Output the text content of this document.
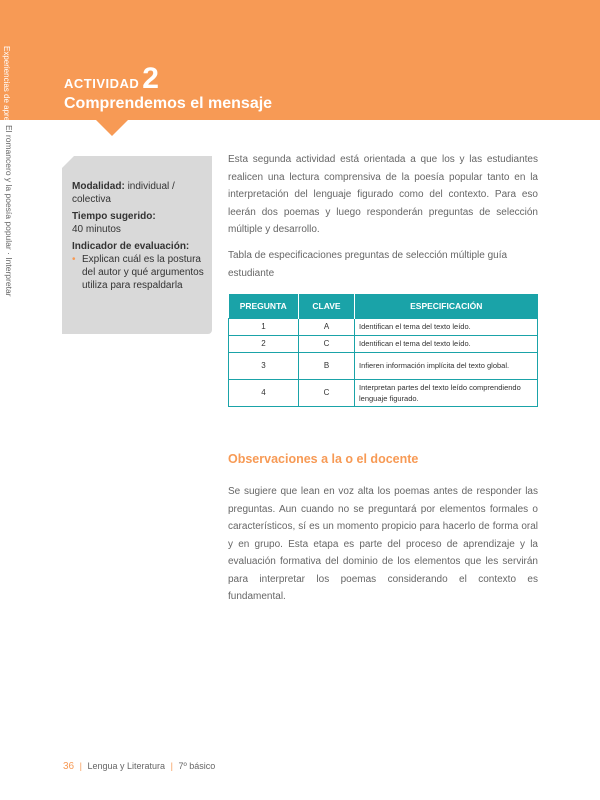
Experiencias de aprendizaje	ACTIVIDAD 2
Comprendemos el mensaje
El romancero y la poesía popular · Interpretar	Modalidad: individual / colectiva
Tiempo sugerido:
40 minutos
Indicador de evaluación:
• Explican cuál es la postura del autor y qué argumentos utiliza para respaldarla

Esta segunda actividad está orientada a que los y las estudiantes realicen una lectura comprensiva de la poesía popular tanto en la interpretación del lenguaje figurado como del contexto. Para eso leerán dos poemas y luego responderán preguntas de selección múltiple y desarrollo.

Tabla de especificaciones preguntas de selección múltiple guía estudiante

PREGUNTA	CLAVE	ESPECIFICACIÓN
1	A	Identifican el tema del texto leído.
2	C	Identifican el tema del texto leído.
3	B	Infieren información implícita del texto global.
4	C	Interpretan partes del texto leído comprendiendo lenguaje figurado.
Observaciones a la o el docente

Se sugiere que lean en voz alta los poemas antes de responder las preguntas. Aun cuando no se preguntará por elementos formales o característicos, sí es un momento propicio para hacerlo de forma oral y en grupo. Esta etapa es parte del proceso de aprendizaje y la evaluación formativa del dominio de los elementos que les servirán para interpretar los poemas considerando el contexto es fundamental.

36 | Lengua y Literatura | 7º básico
